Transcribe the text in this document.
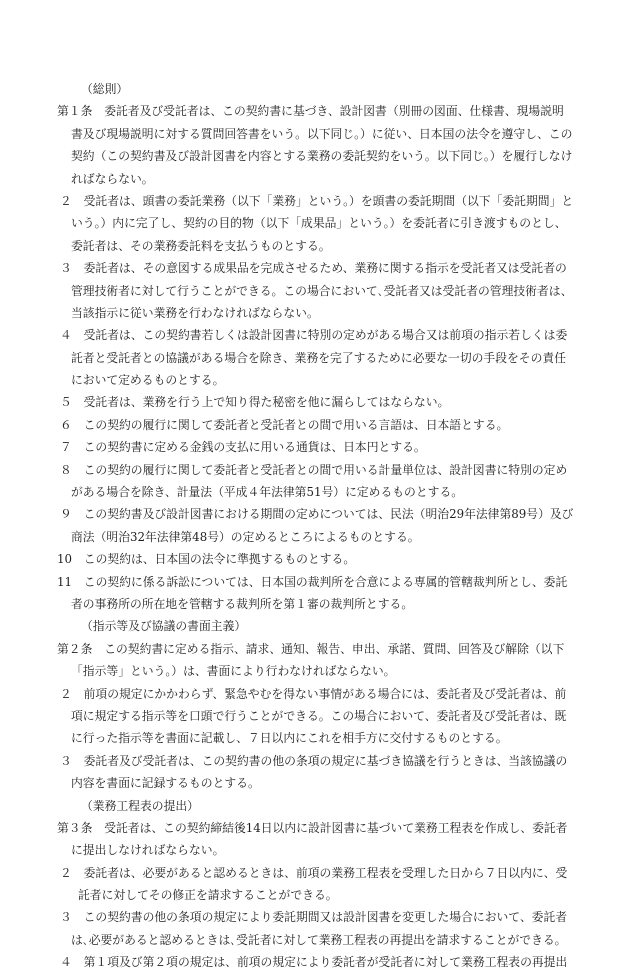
（総則）
第１条　委託者及び受託者は、この契約書に基づき、設計図書（別冊の図面、仕様書、現場説明
書及び現場説明に対する質問回答書をいう。以下同じ。）に従い、日本国の法令を遵守し、この
契約（この契約書及び設計図書を内容とする業務の委託契約をいう。以下同じ。）を履行しなけ
ればならない。
２　受託者は、頭書の委託業務（以下「業務」という。）を頭書の委託期間（以下「委託期間」と
いう。）内に完了し、契約の目的物（以下「成果品」という。）を委託者に引き渡すものとし、
委託者は、その業務委託料を支払うものとする。
３　委託者は、その意図する成果品を完成させるため、業務に関する指示を受託者又は受託者の
管理技術者に対して行うことができる。この場合において､受託者又は受託者の管理技術者は、
当該指示に従い業務を行わなければならない。
４　受託者は、この契約書若しくは設計図書に特別の定めがある場合又は前項の指示若しくは委
託者と受託者との協議がある場合を除き、業務を完了するために必要な一切の手段をその責任
において定めるものとする。
５　受託者は、業務を行う上で知り得た秘密を他に漏らしてはならない。
６　この契約の履行に関して委託者と受託者との間で用いる言語は、日本語とする。
７　この契約書に定める金銭の支払に用いる通貨は、日本円とする。
８　この契約の履行に関して委託者と受託者との間で用いる計量単位は、設計図書に特別の定め
がある場合を除き、計量法（平成４年法律第51号）に定めるものとする。
９　この契約書及び設計図書における期間の定めについては、民法（明治29年法律第89号）及び
商法（明治32年法律第48号）の定めるところによるものとする。
10　この契約は、日本国の法令に準拠するものとする。
11　この契約に係る訴訟については、日本国の裁判所を合意による専属的管轄裁判所とし、委託
者の事務所の所在地を管轄する裁判所を第１審の裁判所とする。
（指示等及び協議の書面主義）
第２条　この契約書に定める指示、請求、通知、報告、申出、承諾、質問、回答及び解除（以下
「指示等」という。）は、書面により行わなければならない。
２　前項の規定にかかわらず、緊急やむを得ない事情がある場合には、委託者及び受託者は、前
項に規定する指示等を口頭で行うことができる。この場合において、委託者及び受託者は、既
に行った指示等を書面に記載し、７日以内にこれを相手方に交付するものとする。
３　委託者及び受託者は、この契約書の他の条項の規定に基づき協議を行うときは、当該協議の
内容を書面に記録するものとする。
（業務工程表の提出）
第３条　受託者は、この契約締結後14日以内に設計図書に基づいて業務工程表を作成し、委託者
に提出しなければならない。
２　委託者は、必要があると認めるときは、前項の業務工程表を受理した日から７日以内に、受
託者に対してその修正を請求することができる。
３　この契約書の他の条項の規定により委託期間又は設計図書を変更した場合において、委託者
は､必要があると認めるときは､受託者に対して業務工程表の再提出を請求することができる。
４　第１項及び第２項の規定は、前項の規定により委託者が受託者に対して業務工程表の再提出
